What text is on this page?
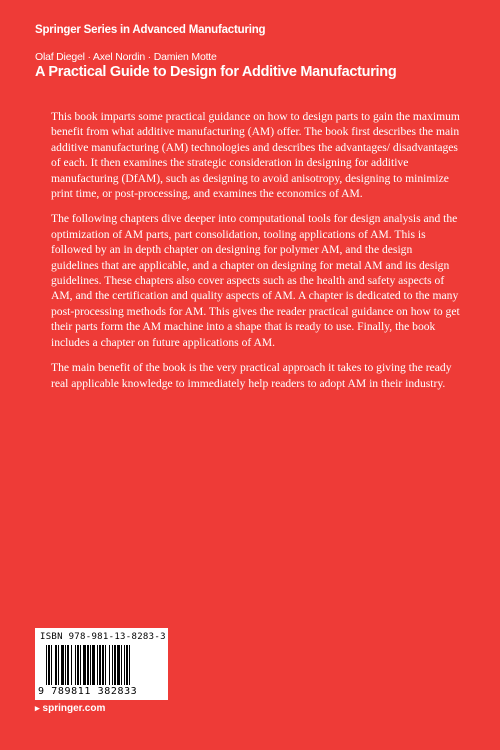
Springer Series in Advanced Manufacturing
Olaf Diegel · Axel Nordin · Damien Motte
A Practical Guide to Design for Additive Manufacturing

This book imparts some practical guidance on how to design parts to gain the maximum benefit from what additive manufacturing (AM) offer. The book first describes the main additive manufacturing (AM) technologies and describes the advantages/ disadvantages of each. It then examines the strategic consideration in designing for additive manufacturing (DfAM), such as designing to avoid anisotropy, designing to minimize print time, or post-processing, and examines the economics of AM.

The following chapters dive deeper into computational tools for design analysis and the optimization of AM parts, part consolidation, tooling applications of AM. This is followed by an in depth chapter on designing for polymer AM, and the design guidelines that are applicable, and a chapter on designing for metal AM and its design guidelines. These chapters also cover aspects such as the health and safety aspects of AM, and the certification and quality aspects of AM. A chapter is dedicated to the many post-processing methods for AM. This gives the reader practical guidance on how to get their parts form the AM machine into a shape that is ready to use. Finally, the book includes a chapter on future applications of AM.

The main benefit of the book is the very practical approach it takes to giving the ready real applicable knowledge to immediately help readers to adopt AM in their industry.

ISBN 978-981-13-8283-3
9 789811 382833
▸ springer.com
